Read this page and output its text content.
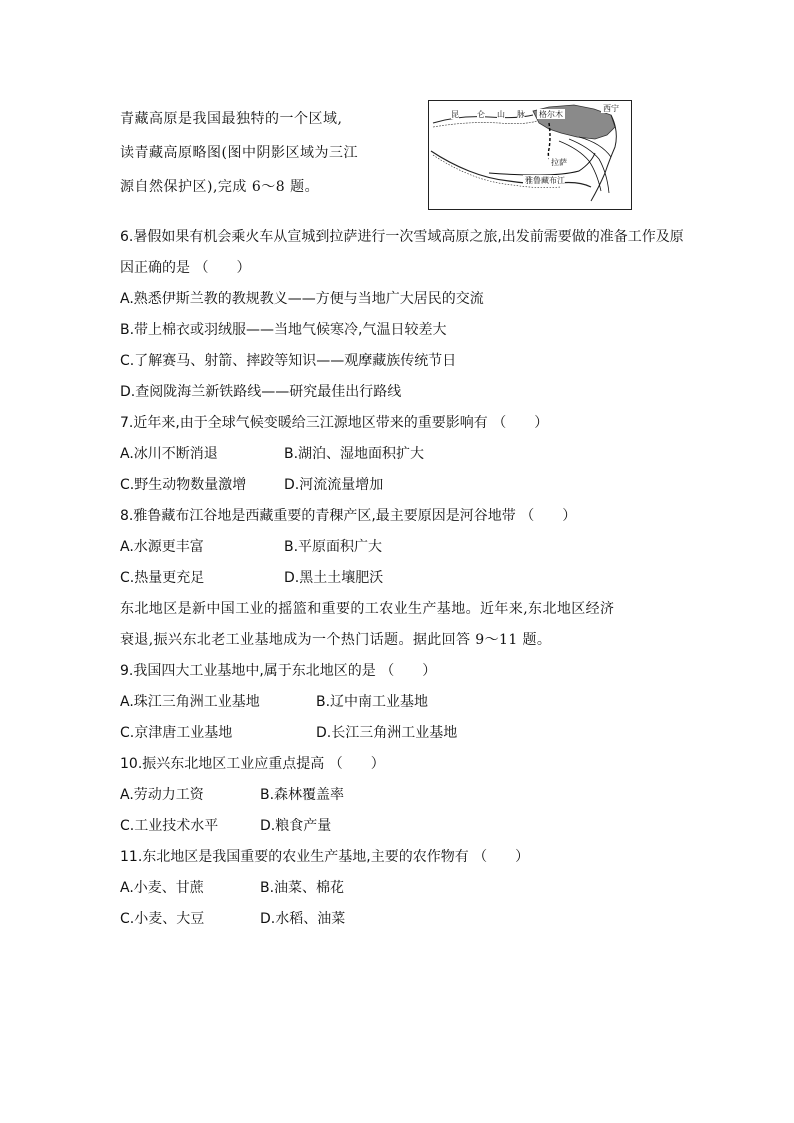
青藏高原是我国最独特的一个区域,

读青藏高原略图(图中阴影区域为三江

源自然保护区),完成 6～8 题。

昆 仑 山 脉 格尔木
西宁
拉萨
雅鲁藏布江

6.暑假如果有机会乘火车从宣城到拉萨进行一次雪域高原之旅,出发前需要做的准备工作及原因正确的是 （　　）

A.熟悉伊斯兰教的教规教义——方便与当地广大居民的交流

B.带上棉衣或羽绒服——当地气候寒冷,气温日较差大

C.了解赛马、射箭、摔跤等知识——观摩藏族传统节日

D.查阅陇海兰新铁路线——研究最佳出行路线

7.近年来,由于全球气候变暖给三江源地区带来的重要影响有 （　　）

A.冰川不断消退	B.湖泊、湿地面积扩大
C.野生动物数量激增	D.河流流量增加

8.雅鲁藏布江谷地是西藏重要的青稞产区,最主要原因是河谷地带 （　　）

A.水源更丰富	B.平原面积广大
C.热量更充足	D.黑土土壤肥沃

东北地区是新中国工业的摇篮和重要的工农业生产基地。近年来,东北地区经济

衰退,振兴东北老工业基地成为一个热门话题。据此回答 9～11 题。

9.我国四大工业基地中,属于东北地区的是 （　　）

A.珠江三角洲工业基地	B.辽中南工业基地
C.京津唐工业基地	D.长江三角洲工业基地

10.振兴东北地区工业应重点提高 （　　）

A.劳动力工资	B.森林覆盖率
C.工业技术水平	D.粮食产量

11.东北地区是我国重要的农业生产基地,主要的农作物有 （　　）

A.小麦、甘蔗	B.油菜、棉花
C.小麦、大豆	D.水稻、油菜
